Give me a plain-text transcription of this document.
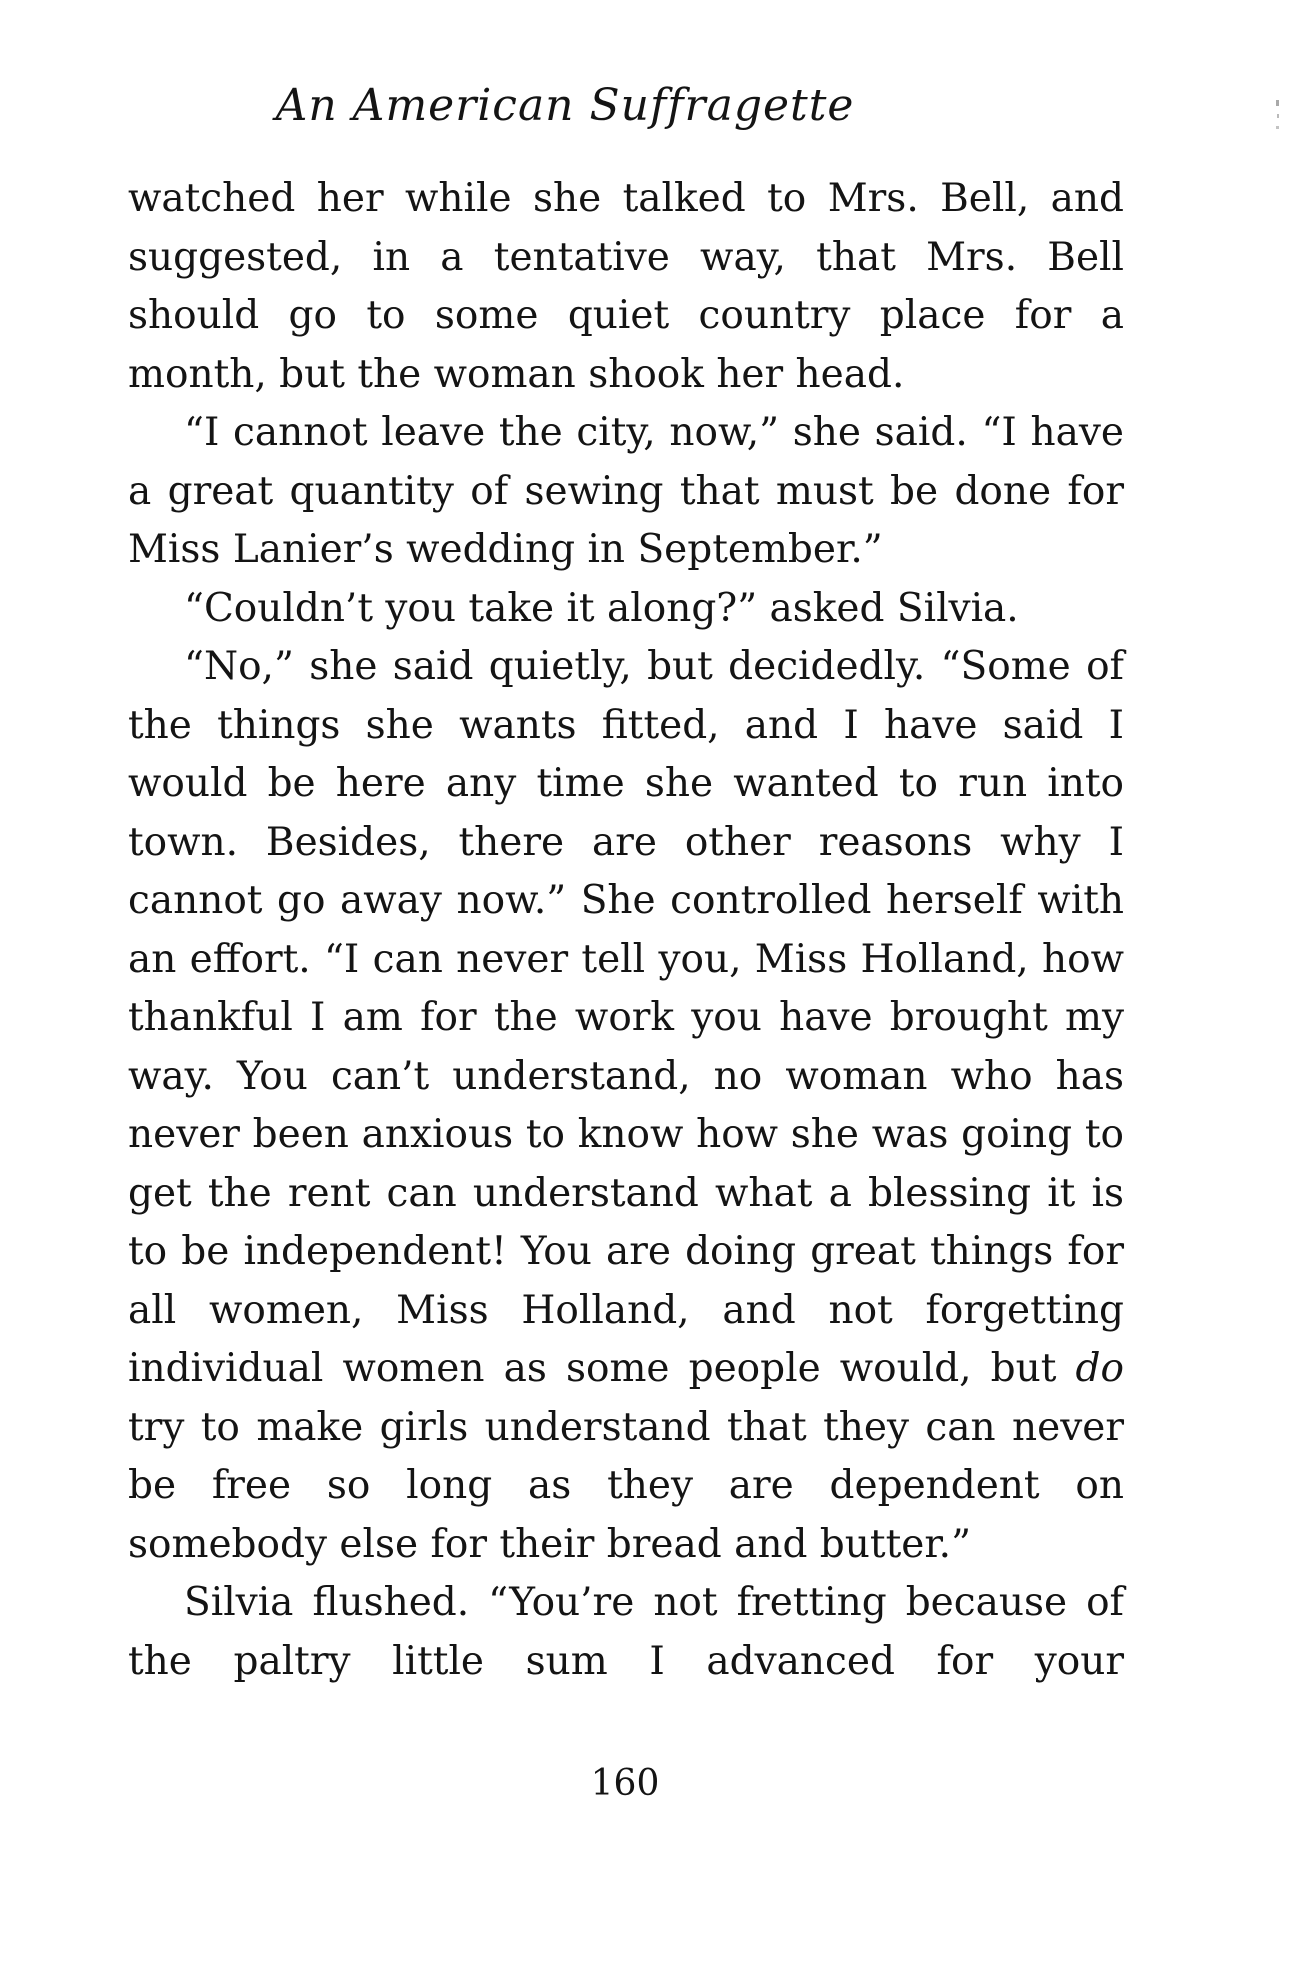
An American Suffragette

watched her while she talked to Mrs. Bell, and suggested, in a tentative way, that Mrs. Bell should go to some quiet country place for a month, but the woman shook her head.

“I cannot leave the city, now,” she said. “I have a great quantity of sewing that must be done for Miss Lanier’s wedding in September.”

“Couldn’t you take it along?” asked Silvia.

“No,” she said quietly, but decidedly. “Some of the things she wants fitted, and I have said I would be here any time she wanted to run into town. Besides, there are other reasons why I cannot go away now.” She controlled herself with an effort. “I can never tell you, Miss Holland, how thankful I am for the work you have brought my way. You can’t understand, no woman who has never been anxious to know how she was going to get the rent can understand what a blessing it is to be independent! You are doing great things for all women, Miss Holland, and not forgetting individual women as some people would, but do try to make girls understand that they can never be free so long as they are dependent on somebody else for their bread and butter.”

Silvia flushed. “You’re not fretting because of the paltry little sum I advanced for your

160
